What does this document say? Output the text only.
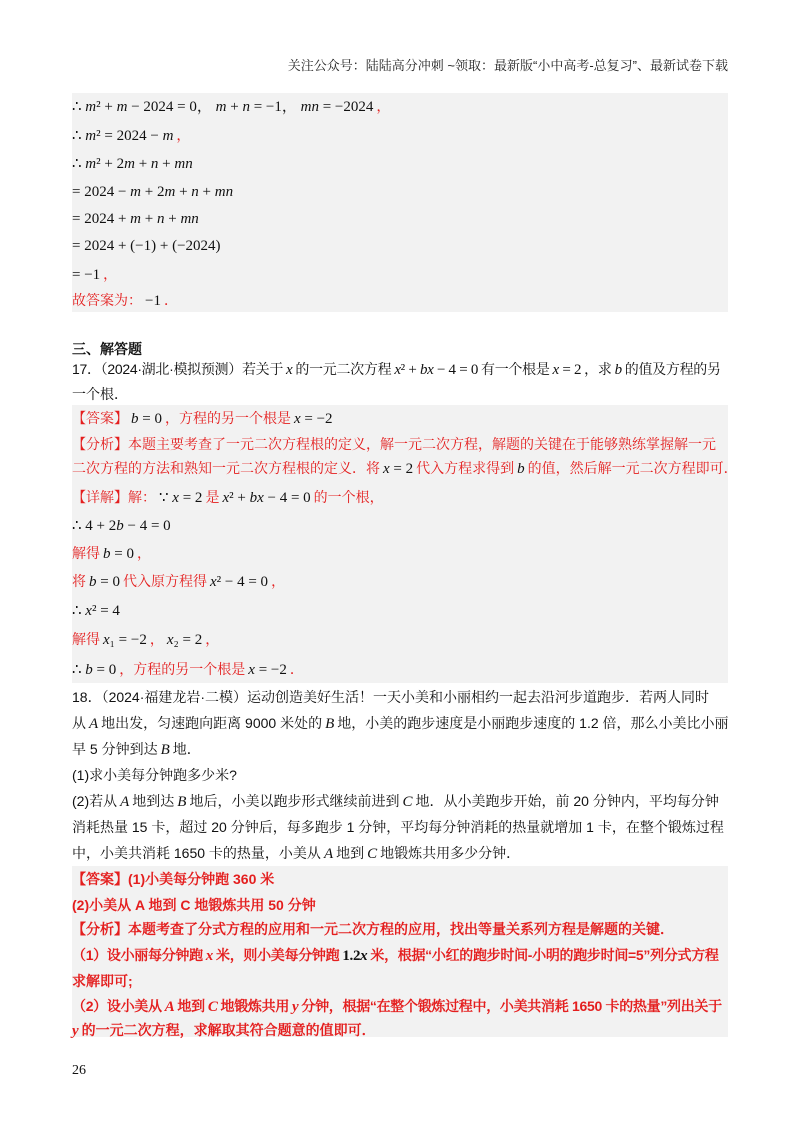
关注公众号：陆陆高分冲刺 ~领取：最新版“小中高考-总复习”、最新试卷下载
∴ m² + m − 2024 = 0， m + n = −1， mn = −2024 ，
∴ m² = 2024 − m ，
∴ m² + 2m + n + mn
= 2024 − m + 2m + n + mn
= 2024 + m + n + mn
= 2024 + (−1) + (−2024)
= −1 ，
故答案为： −1 ．
三、解答题
17．（2024·湖北·模拟预测）若关于 x 的一元二次方程 x² + bx − 4 = 0 有一个根是 x = 2 ，求 b 的值及方程的另
一个根．
【答案】 b = 0 ，方程的另一个根是 x = −2
【分析】本题主要考查了一元二次方程根的定义，解一元二次方程，解题的关键在于能够熟练掌握解一元
二次方程的方法和熟知一元二次方程根的定义．将 x = 2 代入方程求得到 b 的值，然后解一元二次方程即可．
【详解】解： ∵ x = 2 是 x² + bx − 4 = 0 的一个根，
∴ 4 + 2b − 4 = 0
解得 b = 0 ，
将 b = 0 代入原方程得 x² − 4 = 0 ，
∴ x² = 4
解得 x₁ = −2 ， x₂ = 2 ，
∴ b = 0 ，方程的另一个根是 x = −2 ．
18．（2024·福建龙岩·二模）运动创造美好生活！一天小美和小丽相约一起去沿河步道跑步．若两人同时
从 A 地出发，匀速跑向距离 9000 米处的 B 地，小美的跑步速度是小丽跑步速度的 1.2 倍，那么小美比小丽
早 5 分钟到达 B 地．
(1)求小美每分钟跑多少米?
(2)若从 A 地到达 B 地后，小美以跑步形式继续前进到 C 地．从小美跑步开始，前 20 分钟内，平均每分钟
消耗热量 15 卡，超过 20 分钟后，每多跑步 1 分钟，平均每分钟消耗的热量就增加 1 卡，在整个锻炼过程
中，小美共消耗 1650 卡的热量，小美从 A 地到 C 地锻炼共用多少分钟．
【答案】(1)小美每分钟跑 360 米
(2)小美从 A 地到 C 地锻炼共用 50 分钟
【分析】本题考查了分式方程的应用和一元二次方程的应用，找出等量关系列方程是解题的关键．
（1）设小丽每分钟跑 x 米，则小美每分钟跑 1.2x 米，根据“小红的跑步时间-小明的跑步时间=5”列分式方程
求解即可;
（2）设小美从 A 地到 C 地锻炼共用 y 分钟，根据“在整个锻炼过程中，小美共消耗 1650 卡的热量”列出关于
y 的一元二次方程，求解取其符合题意的值即可．
26
